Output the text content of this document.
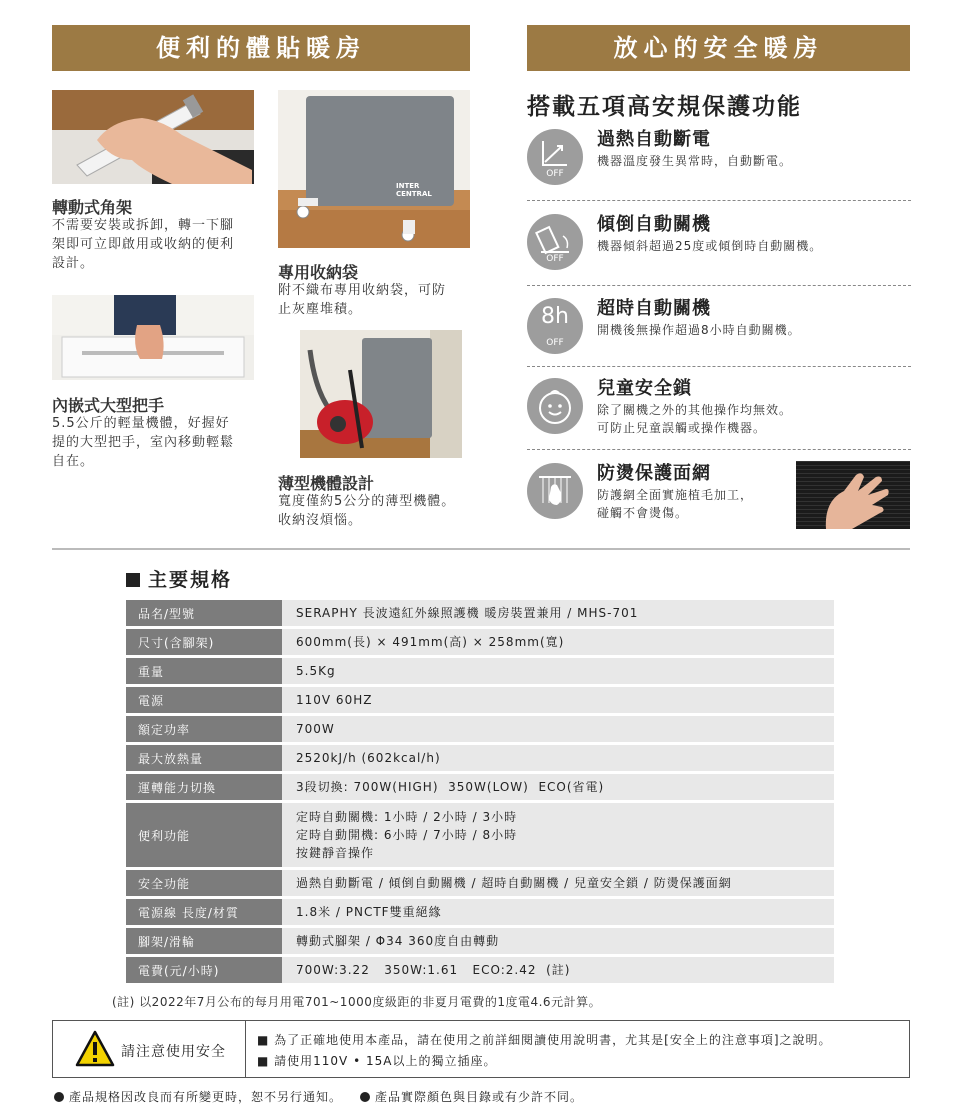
便利的體貼暖房	放心的安全暖房
轉動式角架
不需要安裝或拆卸，轉一下腳
架即可立即啟用或收納的便利
設計。
INTER
CENTRAL
專用收納袋
附不織布專用收納袋，可防
止灰塵堆積。
內嵌式大型把手
5.5公斤的輕量機體，好握好
提的大型把手，室內移動輕鬆
自在。
薄型機體設計
寬度僅約5公分的薄型機體。
收納沒煩惱。
搭載五項高安規保護功能
OFF
過熱自動斷電
機器溫度發生異常時，自動斷電。
OFF
傾倒自動關機
機器傾斜超過25度或傾倒時自動關機。
8h
OFF
超時自動關機
開機後無操作超過8小時自動關機。
兒童安全鎖
除了關機之外的其他操作均無效。
可防止兒童誤觸或操作機器。
防燙保護面網
防護網全面實施植毛加工，
碰觸不會燙傷。
主要規格
品名/型號	SERAPHY 長波遠紅外線照護機 暖房裝置兼用 / MHS-701

尺寸(含腳架)	600mm(長) × 491mm(高) × 258mm(寬)

重量	5.5Kg

電源	110V 60HZ

額定功率	700W

最大放熱量	2520kJ/h (602kcal/h)

運轉能力切換	3段切換: 700W(HIGH)  350W(LOW)  ECO(省電)

便利功能	定時自動關機: 1小時 / 2小時 / 3小時
定時自動開機: 6小時 / 7小時 / 8小時
按鍵靜音操作

安全功能	過熱自動斷電 / 傾倒自動關機 / 超時自動關機 / 兒童安全鎖 / 防燙保護面網

電源線 長度/材質	1.8米 / PNCTF雙重絕緣

腳架/滑輪	轉動式腳架 / Φ34 360度自由轉動

電費(元/小時)	700W:3.22   350W:1.61   ECO:2.42  (註)
(註) 以2022年7月公布的每月用電701~1000度級距的非夏月電費的1度電4.6元計算。
請注意使用安全
■ 為了正確地使用本產品，請在使用之前詳細閱讀使用說明書，尤其是[安全上的注意事項]之說明。
■ 請使用110V • 15A以上的獨立插座。
產品規格因改良而有所變更時，恕不另行通知。	產品實際顏色與目錄或有少許不同。
